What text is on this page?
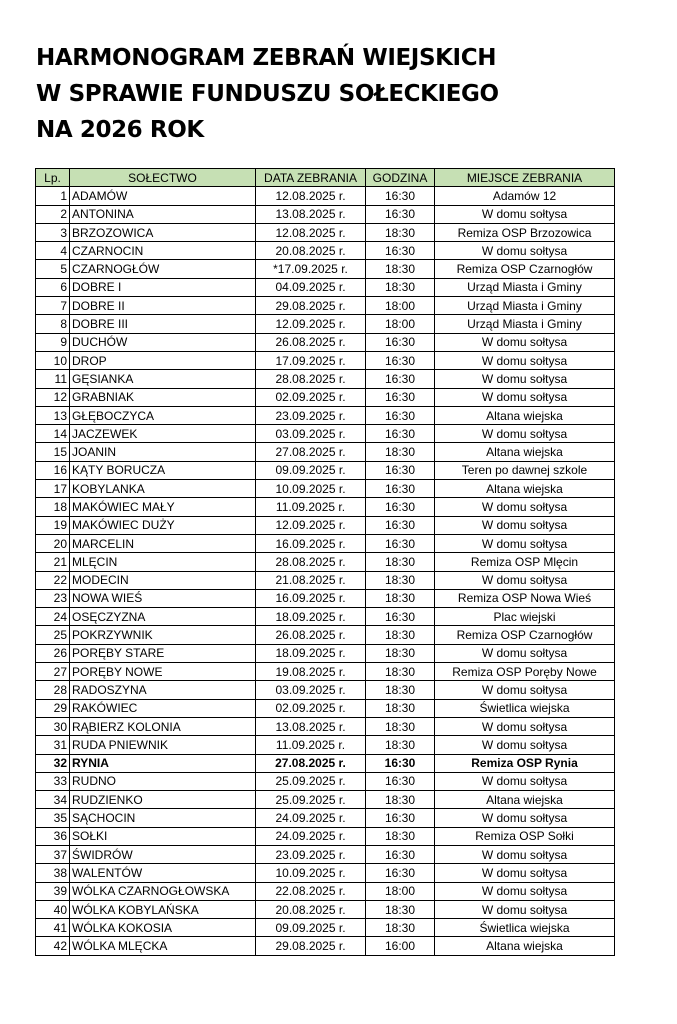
HARMONOGRAM ZEBRAŃ WIEJSKICH
W SPRAWIE FUNDUSZU SOŁECKIEGO
NA 2026 ROK
Lp.	SOŁECTWO	DATA ZEBRANIA	GODZINA	MIEJSCE ZEBRANIA
1	ADAMÓW	12.08.2025 r.	16:30	Adamów 12
2	ANTONINA	13.08.2025 r.	16:30	W domu sołtysa
3	BRZOZOWICA	12.08.2025 r.	18:30	Remiza OSP Brzozowica
4	CZARNOCIN	20.08.2025 r.	16:30	W domu sołtysa
5	CZARNOGŁÓW	*17.09.2025 r.	18:30	Remiza OSP Czarnogłów
6	DOBRE I	04.09.2025 r.	18:30	Urząd Miasta i Gminy
7	DOBRE II	29.08.2025 r.	18:00	Urząd Miasta i Gminy
8	DOBRE III	12.09.2025 r.	18:00	Urząd Miasta i Gminy
9	DUCHÓW	26.08.2025 r.	16:30	W domu sołtysa
10	DROP	17.09.2025 r.	16:30	W domu sołtysa
11	GĘSIANKA	28.08.2025 r.	16:30	W domu sołtysa
12	GRABNIAK	02.09.2025 r.	16:30	W domu sołtysa
13	GŁĘBOCZYCA	23.09.2025 r.	16:30	Altana wiejska
14	JACZEWEK	03.09.2025 r.	16:30	W domu sołtysa
15	JOANIN	27.08.2025 r.	18:30	Altana wiejska
16	KĄTY BORUCZA	09.09.2025 r.	16:30	Teren po dawnej szkole
17	KOBYLANKA	10.09.2025 r.	16:30	Altana wiejska
18	MAKÓWIEC MAŁY	11.09.2025 r.	16:30	W domu sołtysa
19	MAKÓWIEC DUŻY	12.09.2025 r.	16:30	W domu sołtysa
20	MARCELIN	16.09.2025 r.	16:30	W domu sołtysa
21	MLĘCIN	28.08.2025 r.	18:30	Remiza OSP Mlęcin
22	MODECIN	21.08.2025 r.	18:30	W domu sołtysa
23	NOWA WIEŚ	16.09.2025 r.	18:30	Remiza OSP Nowa Wieś
24	OSĘCZYZNA	18.09.2025 r.	16:30	Plac wiejski
25	POKRZYWNIK	26.08.2025 r.	18:30	Remiza OSP Czarnogłów
26	PORĘBY STARE	18.09.2025 r.	18:30	W domu sołtysa
27	PORĘBY NOWE	19.08.2025 r.	18:30	Remiza OSP Poręby Nowe
28	RADOSZYNA	03.09.2025 r.	18:30	W domu sołtysa
29	RAKÓWIEC	02.09.2025 r.	18:30	Świetlica wiejska
30	RĄBIERZ KOLONIA	13.08.2025 r.	18:30	W domu sołtysa
31	RUDA PNIEWNIK	11.09.2025 r.	18:30	W domu sołtysa
32	RYNIA	27.08.2025 r.	16:30	Remiza OSP Rynia
33	RUDNO	25.09.2025 r.	16:30	W domu sołtysa
34	RUDZIENKO	25.09.2025 r.	18:30	Altana wiejska
35	SĄCHOCIN	24.09.2025 r.	16:30	W domu sołtysa
36	SOŁKI	24.09.2025 r.	18:30	Remiza OSP Sołki
37	ŚWIDRÓW	23.09.2025 r.	16:30	W domu sołtysa
38	WALENTÓW	10.09.2025 r.	16:30	W domu sołtysa
39	WÓLKA CZARNOGŁOWSKA	22.08.2025 r.	18:00	W domu sołtysa
40	WÓLKA KOBYLAŃSKA	20.08.2025 r.	18:30	W domu sołtysa
41	WÓLKA KOKOSIA	09.09.2025 r.	18:30	Świetlica wiejska
42	WÓLKA MLĘCKA	29.08.2025 r.	16:00	Altana wiejska
